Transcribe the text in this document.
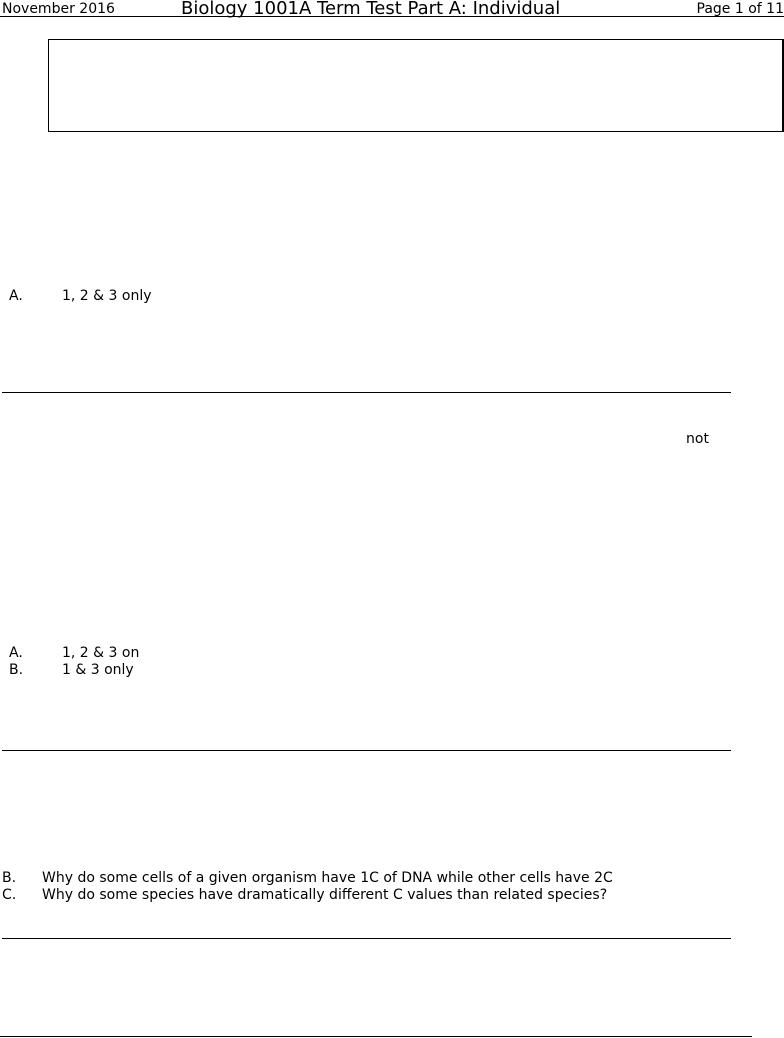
November 2016	Biology 1001A Term Test Part A: Individual	Page 1 of 11
A.	1, 2 & 3 only
not
A.	1, 2 & 3 on
B.	1 & 3 only
B. Why do some cells of a given organism have 1C of DNA while other cells have 2C
C. Why do some species have dramatically different C values than related species?
